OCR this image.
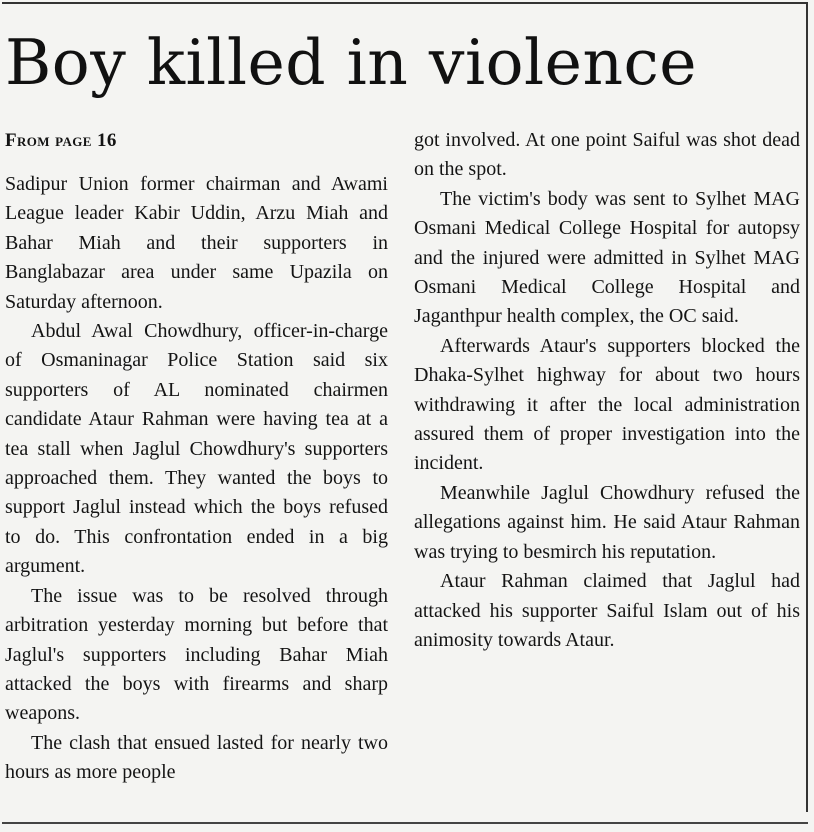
Boy killed in violence
From page 16

Sadipur Union former chairman and Awami League leader Kabir Uddin, Arzu Miah and Bahar Miah and their supporters in Banglabazar area under same Upazila on Saturday afternoon.

Abdul Awal Chowdhury, officer-in-charge of Osmaninagar Police Station said six supporters of AL nominated chairmen candidate Ataur Rahman were having tea at a tea stall when Jaglul Chowdhury's supporters approached them. They wanted the boys to support Jaglul instead which the boys refused to do. This confrontation ended in a big argument.

The issue was to be resolved through arbitration yesterday morning but before that Jaglul's supporters including Bahar Miah attacked the boys with firearms and sharp weapons.

The clash that ensued lasted for nearly two hours as more people

got involved. At one point Saiful was shot dead on the spot.

The victim's body was sent to Sylhet MAG Osmani Medical College Hospital for autopsy and the injured were admitted in Sylhet MAG Osmani Medical College Hospital and Jaganthpur health complex, the OC said.

Afterwards Ataur's supporters blocked the Dhaka-Sylhet highway for about two hours withdrawing it after the local administration assured them of proper investigation into the incident.

Meanwhile Jaglul Chowdhury refused the allegations against him. He said Ataur Rahman was trying to besmirch his reputation.

Ataur Rahman claimed that Jaglul had attacked his supporter Saiful Islam out of his animosity towards Ataur.
